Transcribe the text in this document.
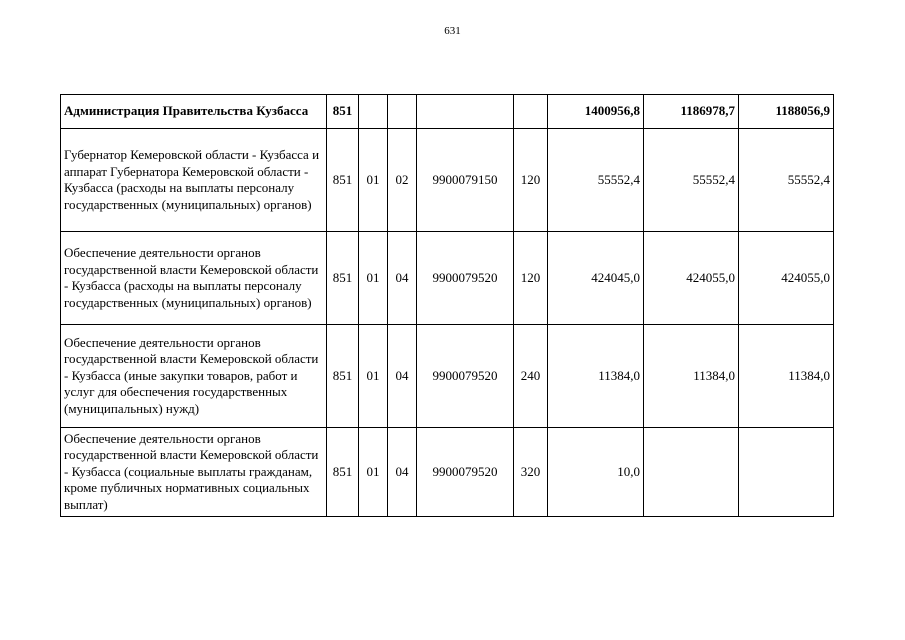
631
Администрация Правительства Кузбасса	851					1400956,8	1186978,7	1188056,9
Губернатор Кемеровской области - Кузбасса и аппарат Губернатора Кемеровской области - Кузбасса (расходы на выплаты персоналу государственных (муниципальных) органов)	851	01	02	9900079150	120	55552,4	55552,4	55552,4
Обеспечение деятельности органов государственной власти Кемеровской области - Кузбасса (расходы на выплаты персоналу государственных (муниципальных) органов)	851	01	04	9900079520	120	424045,0	424055,0	424055,0
Обеспечение деятельности органов государственной власти Кемеровской области - Кузбасса (иные закупки товаров, работ и услуг для обеспечения государственных (муниципальных) нужд)	851	01	04	9900079520	240	11384,0	11384,0	11384,0
Обеспечение деятельности органов государственной власти Кемеровской области - Кузбасса (социальные выплаты гражданам, кроме публичных нормативных социальных выплат)	851	01	04	9900079520	320	10,0		
